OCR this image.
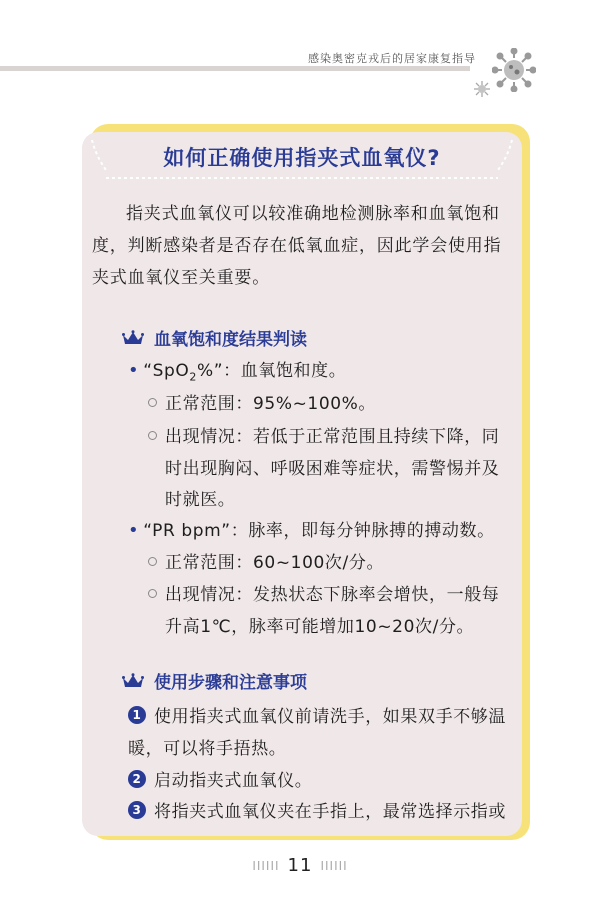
感染奥密克戎后的居家康复指导
如何正确使用指夹式血氧仪?
指夹式血氧仪可以较准确地检测脉率和血氧饱和
度，判断感染者是否存在低氧血症，因此学会使用指
夹式血氧仪至关重要。
血氧饱和度结果判读
• “SpO$_2$%”：血氧饱和度。
正常范围：95%~100%。
出现情况：若低于正常范围且持续下降，同
时出现胸闷、呼吸困难等症状，需警惕并及
时就医。
• “PR bpm”：脉率，即每分钟脉搏的搏动数。
正常范围：60~100次/分。
出现情况：发热状态下脉率会增快，一般每
升高1℃，脉率可能增加10~20次/分。
使用步骤和注意事项
1 使用指夹式血氧仪前请洗手，如果双手不够温
暖，可以将手捂热。
2 启动指夹式血氧仪。
3 将指夹式血氧仪夹在手指上，最常选择示指或
IIIIII 11 IIIIII
